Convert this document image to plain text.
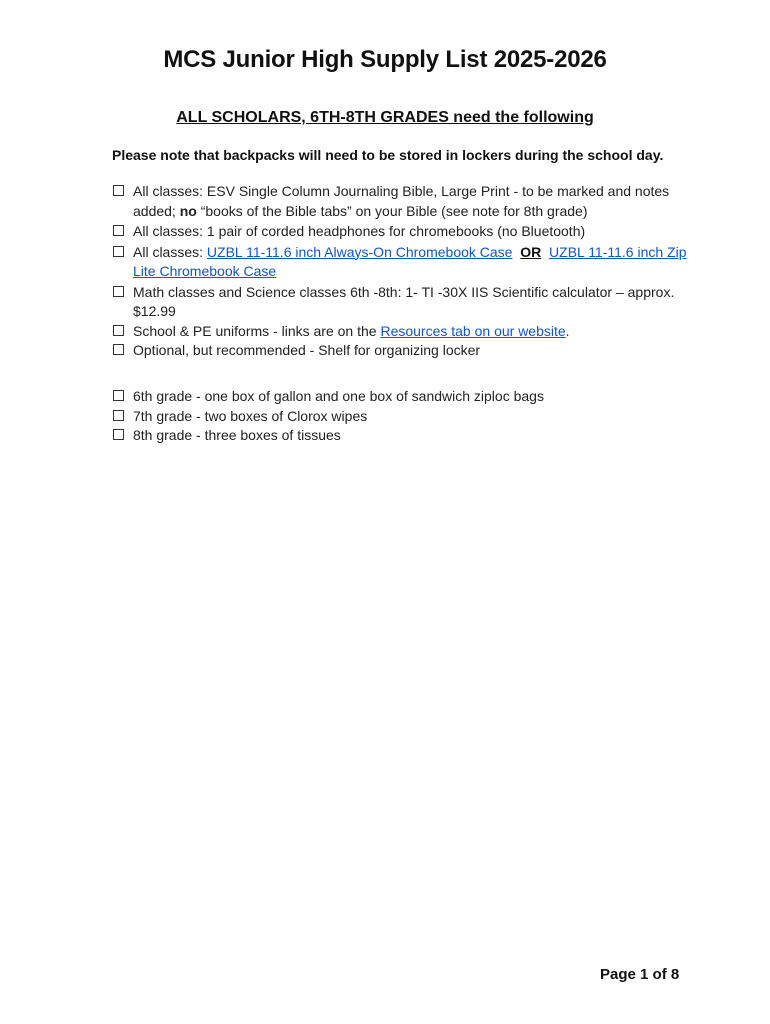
MCS Junior High Supply List 2025-2026
ALL SCHOLARS, 6TH-8TH GRADES need the following
Please note that backpacks will need to be stored in lockers during the school day.
All classes: ESV Single Column Journaling Bible, Large Print - to be marked and notes added; no “books of the Bible tabs” on your Bible (see note for 8th grade)
All classes: 1 pair of corded headphones for chromebooks (no Bluetooth)
All classes: UZBL 11-11.6 inch Always-On Chromebook Case OR UZBL 11-11.6 inch Zip Lite Chromebook Case
Math classes and Science classes 6th -8th: 1- TI -30X IIS Scientific calculator – approx. $12.99
School & PE uniforms - links are on the Resources tab on our website.
Optional, but recommended - Shelf for organizing locker
6th grade - one box of gallon and one box of sandwich ziploc bags
7th grade - two boxes of Clorox wipes
8th grade - three boxes of tissues
Page 1 of 8
